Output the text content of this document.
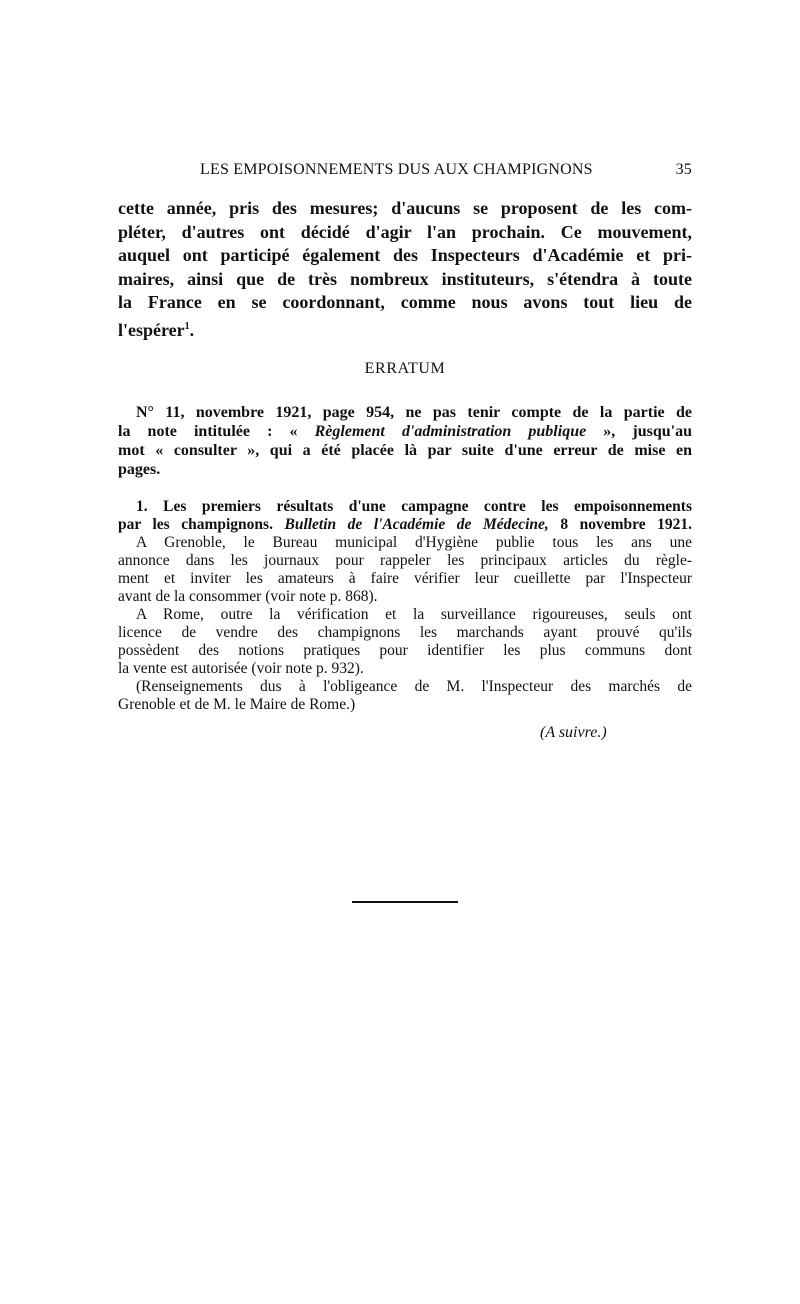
LES EMPOISONNEMENTS DUS AUX CHAMPIGNONS	35
cette année, pris des mesures; d'aucuns se proposent de les com-
pléter, d'autres ont décidé d'agir l'an prochain. Ce mouvement,
auquel ont participé également des Inspecteurs d'Académie et pri-
maires, ainsi que de très nombreux instituteurs, s'étendra à toute
la France en se coordonnant, comme nous avons tout lieu de
l'espérer$^1$.
ERRATUM
N° 11, novembre 1921, page 954, ne pas tenir compte de la partie de
la note intitulée : « Règlement d'administration publique », jusqu'au
mot « consulter », qui a été placée là par suite d'une erreur de mise en
pages.
1. Les premiers résultats d'une campagne contre les empoisonnements
par les champignons. Bulletin de l'Académie de Médecine, 8 novembre 1921.
A Grenoble, le Bureau municipal d'Hygiène publie tous les ans une
annonce dans les journaux pour rappeler les principaux articles du règle-
ment et inviter les amateurs à faire vérifier leur cueillette par l'Inspecteur
avant de la consommer (voir note p. 868).
A Rome, outre la vérification et la surveillance rigoureuses, seuls ont
licence de vendre des champignons les marchands ayant prouvé qu'ils
possèdent des notions pratiques pour identifier les plus communs dont
la vente est autorisée (voir note p. 932).
(Renseignements dus à l'obligeance de M. l'Inspecteur des marchés de
Grenoble et de M. le Maire de Rome.)
(A suivre.)
